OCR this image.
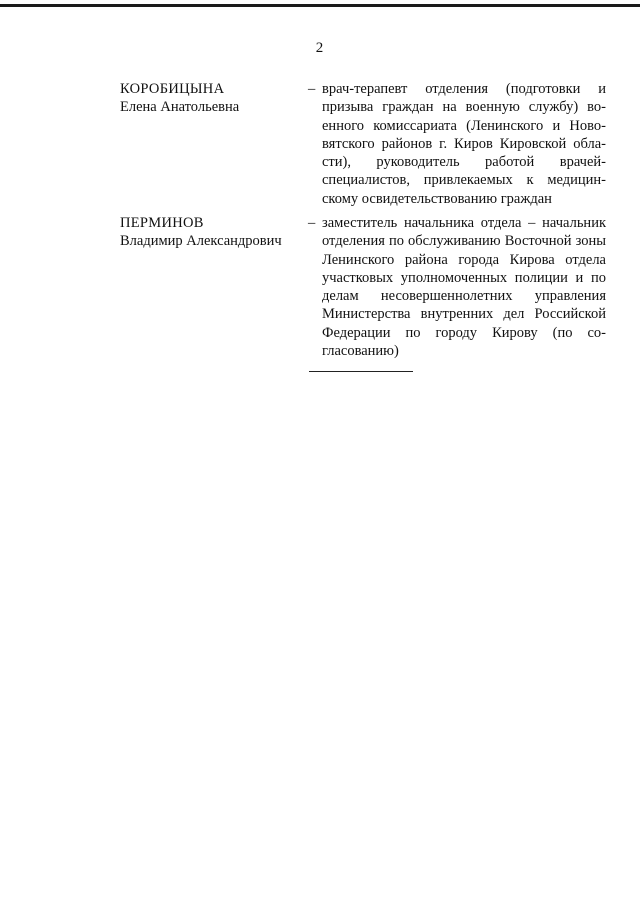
2
КОРОБИЦЫНА
Елена Анатольевна
– врач-терапевт отделения (подготовки и призыва граждан на военную службу) военного комиссариата (Ленинского и Нововятского районов г. Киров Кировской области), руководитель работой врачей-специалистов, привлекаемых к медицинскому освидетельствованию граждан
ПЕРМИНОВ
Владимир Александрович
– заместитель начальника отдела – начальник отделения по обслуживанию Восточной зоны Ленинского района города Кирова отдела участковых уполномоченных полиции и по делам несовершеннолетних управления Министерства внутренних дел Российской Федерации по городу Кирову (по согласованию)
